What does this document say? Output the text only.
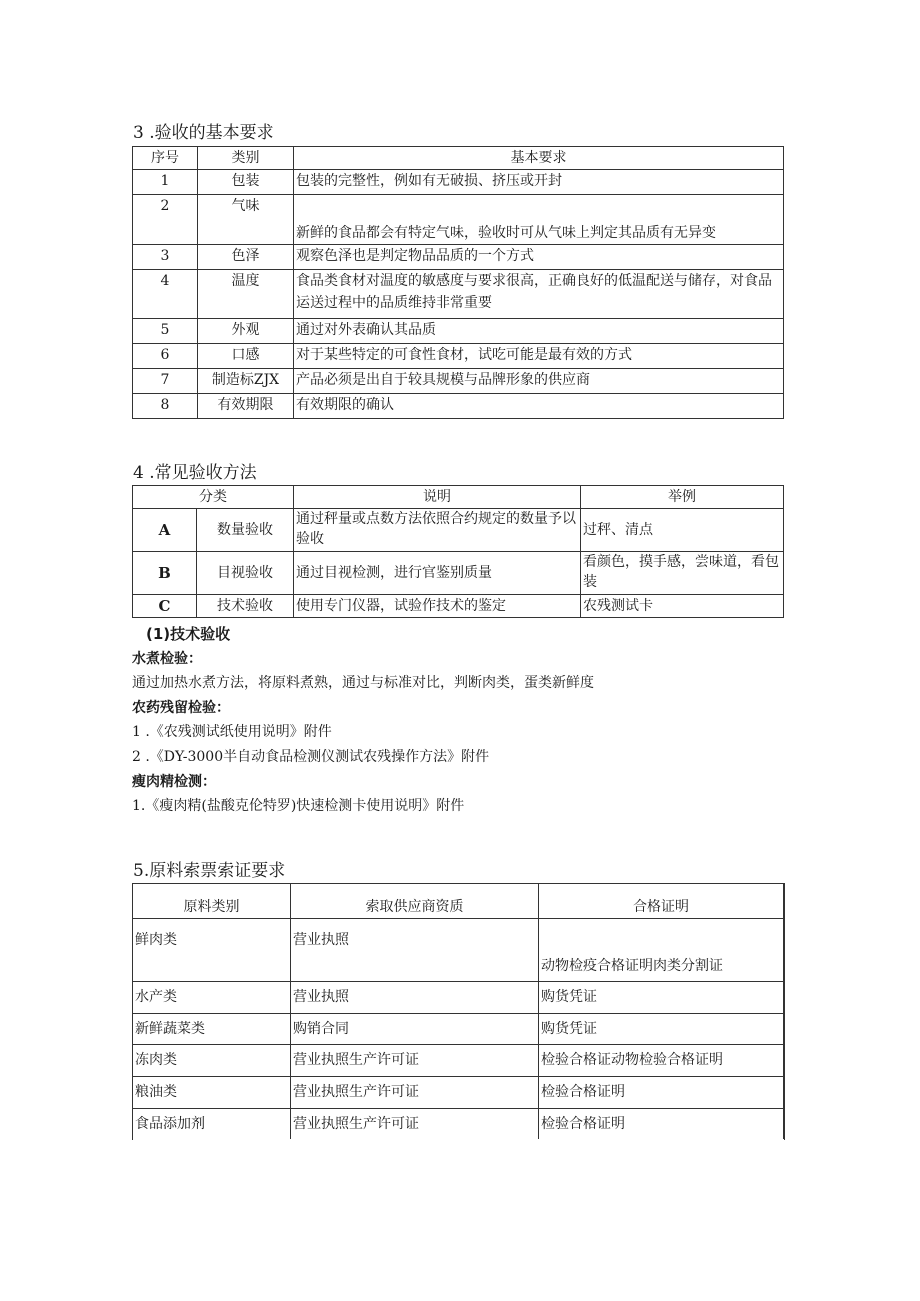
3 .验收的基本要求
序号	类别	基本要求
1	包装	包装的完整性，例如有无破损、挤压或开封
2	气味	新鲜的食品都会有特定气味，验收时可从气味上判定其品质有无异变
3	色泽	观察色泽也是判定物品品质的一个方式
4	温度	食品类食材对温度的敏感度与要求很高，正确良好的低温配送与储存，对食品运送过程中的品质维持非常重要
5	外观	通过对外表确认其品质
6	口感	对于某些特定的可食性食材，试吃可能是最有效的方式
7	制造标ZJX	产品必须是出自于较具规模与品牌形象的供应商
8	有效期限	有效期限的确认
4 .常见验收方法
分类		说明	举例
A	数量验收	通过秤量或点数方法依照合约规定的数量予以验收	过秤、清点
B	目视验收	通过目视检测，进行官鉴别质量	看颜色，摸手感，尝味道，看包装
C	技术验收	使用专门仪器，试验作技术的鉴定	农残测试卡
(1)技术验收
水煮检验：
通过加热水煮方法，将原料煮熟，通过与标准对比，判断肉类，蛋类新鲜度
农药残留检验：
1 .《农残测试纸使用说明》附件
2 .《DY-3000半自动食品检测仪测试农残操作方法》附件
瘦肉精检测：
1.《瘦肉精(盐酸克伦特罗)快速检测卡使用说明》附件
5.原料索票索证要求
原料类别	索取供应商资质	合格证明
鲜肉类	营业执照	动物检疫合格证明肉类分割证
水产类	营业执照	购货凭证
新鲜蔬菜类	购销合同	购货凭证
冻肉类	营业执照生产许可证	检验合格证动物检验合格证明
粮油类	营业执照生产许可证	检验合格证明
食品添加剂	营业执照生产许可证	检验合格证明
